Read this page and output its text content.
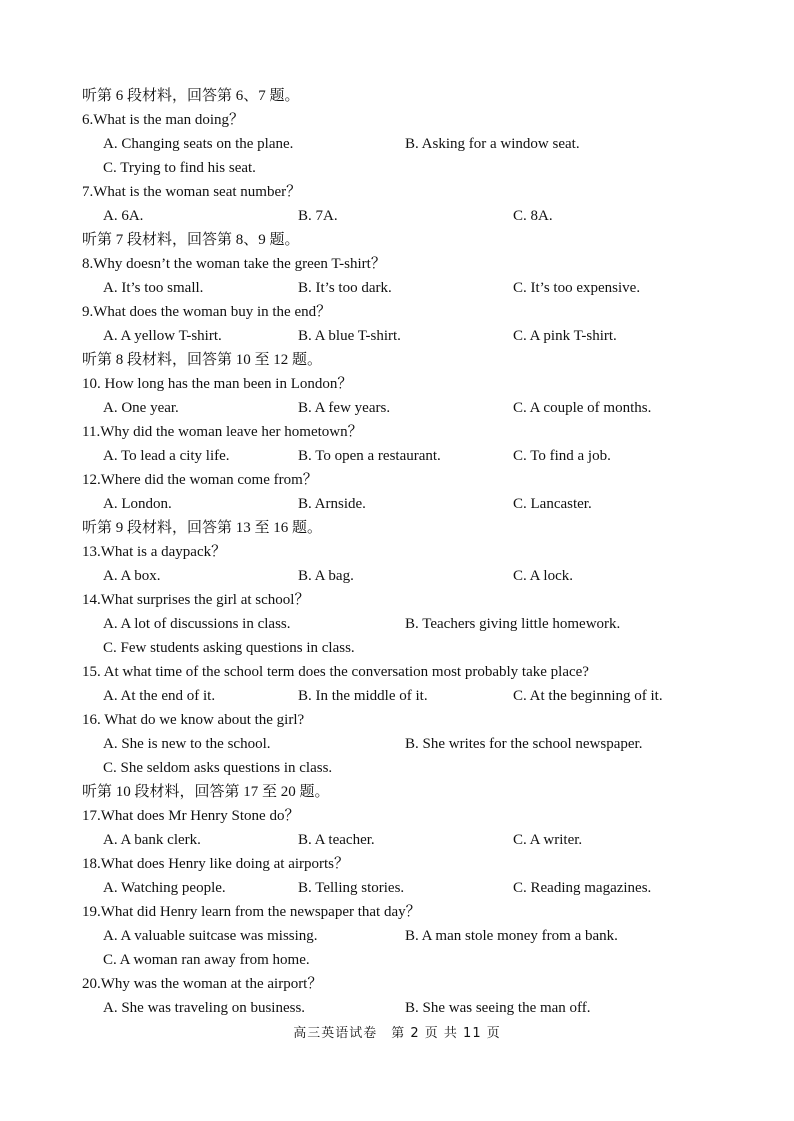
听第 6 段材料，回答第 6、7 题。
6.What is the man doing？
A. Changing seats on the plane.	B. Asking for a window seat.
C. Trying to find his seat.
7.What is the woman seat number？
A. 6A.	B. 7A.	C. 8A.
听第 7 段材料，回答第 8、9 题。
8.Why doesn’t the woman take the green T-shirt？
A. It’s too small.	B. It’s too dark.	C. It’s too expensive.
9.What does the woman buy in the end？
A. A yellow T-shirt.	B. A blue T-shirt.	C. A pink T-shirt.
听第 8 段材料，回答第 10 至 12 题。
10. How long has the man been in London？
A. One year.	B. A few years.	C. A couple of months.
11.Why did the woman leave her hometown？
A. To lead a city life.	B. To open a restaurant.	C. To find a job.
12.Where did the woman come from？
A. London.	B. Arnside.	C. Lancaster.
听第 9 段材料，回答第 13 至 16 题。
13.What is a daypack？
A. A box.	B. A bag.	C. A lock.
14.What surprises the girl at school？
A. A lot of discussions in class.	B. Teachers giving little homework.
C. Few students asking questions in class.
15. At what time of the school term does the conversation most probably take place?
A. At the end of it.	B. In the middle of it.	C. At the beginning of it.
16. What do we know about the girl?
A. She is new to the school.	B. She writes for the school newspaper.
C. She seldom asks questions in class.
听第 10 段材料，回答第 17 至 20 题。
17.What does Mr Henry Stone do？
A. A bank clerk.	B. A teacher.	C. A writer.
18.What does Henry like doing at airports？
A. Watching people.	B. Telling stories.	C. Reading magazines.
19.What did Henry learn from the newspaper that day？
A. A valuable suitcase was missing.	B. A man stole money from a bank.
C. A woman ran away from home.
20.Why was the woman at the airport？
A. She was traveling on business.	B. She was seeing the man off.
高三英语试卷　第 2 页 共 11 页
